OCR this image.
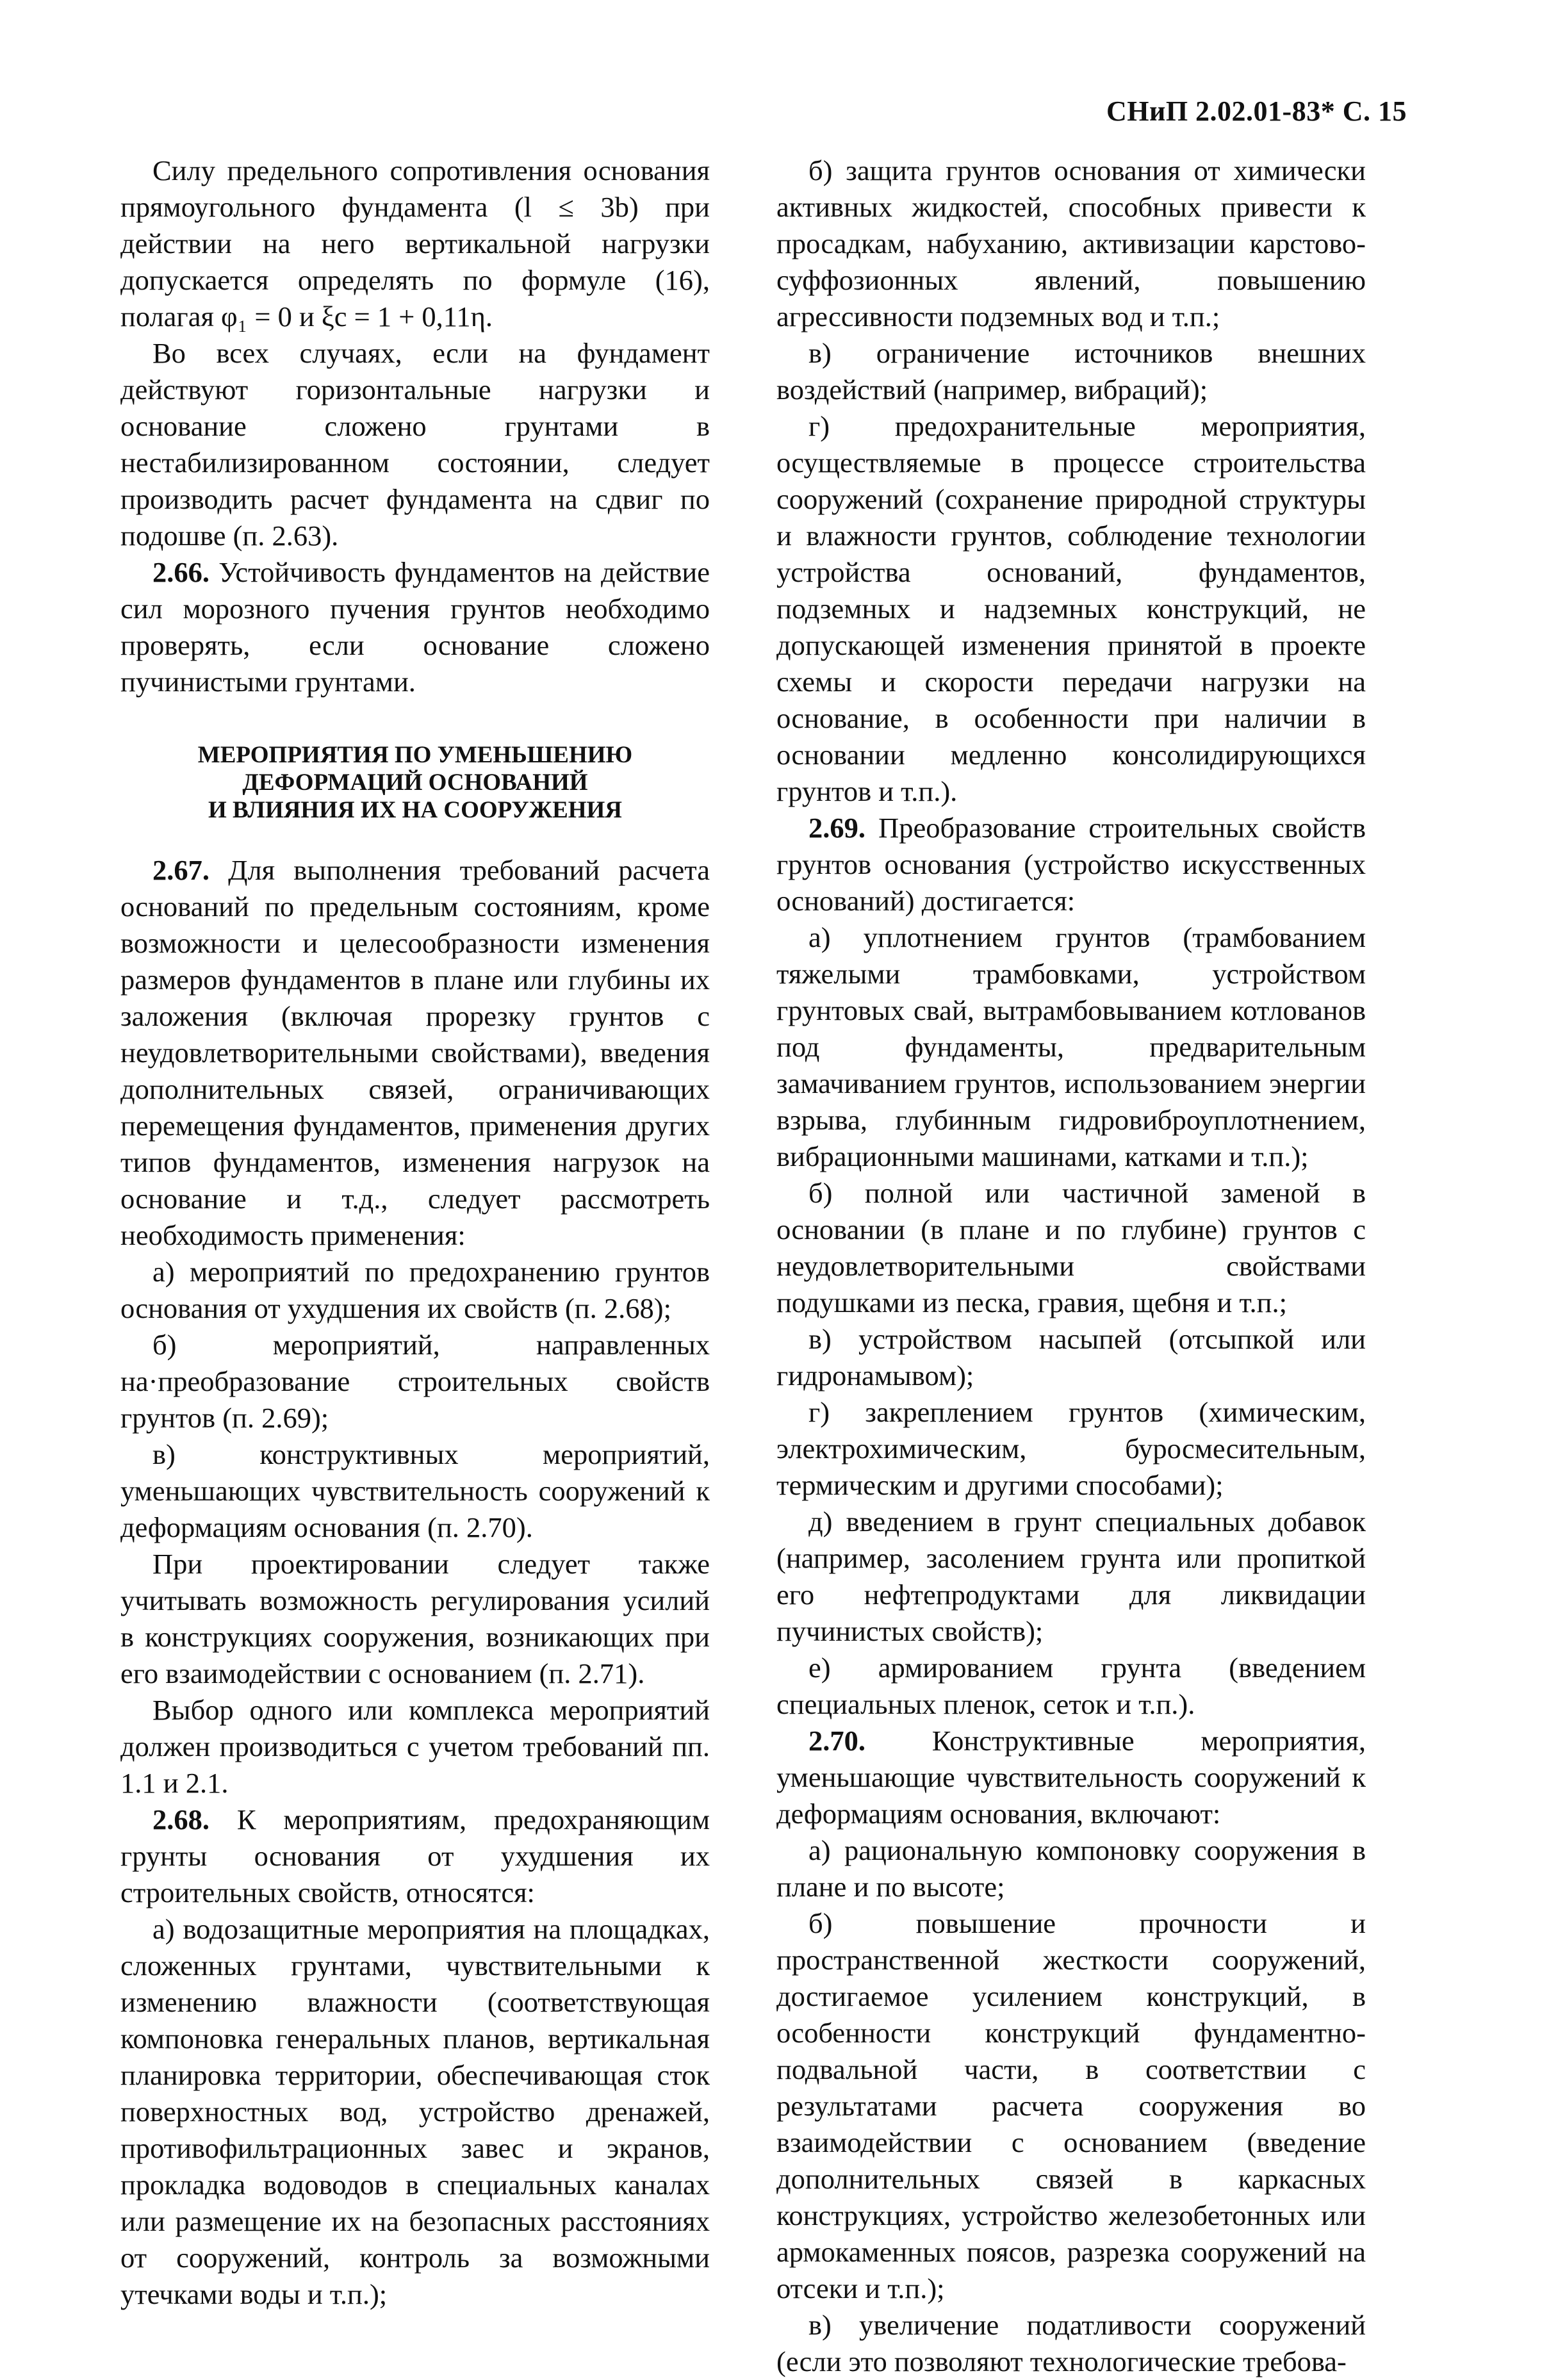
СНиП 2.02.01-83* С. 15

Силу предельного сопротивления основания прямоугольного фундамента (l ≤ 3b) при действии на него вертикальной нагрузки допускается определять по формуле (16), полагая φ₁ = 0 и ξc = 1 + 0,11η.

Во всех случаях, если на фундамент действуют горизонтальные нагрузки и основание сложено грунтами в нестабилизированном состоянии, следует производить расчет фундамента на сдвиг по подошве (п. 2.63).

2.66. Устойчивость фундаментов на действие сил морозного пучения грунтов необходимо проверять, если основание сложено пучинистыми грунтами.

МЕРОПРИЯТИЯ ПО УМЕНЬШЕНИЮ
ДЕФОРМАЦИЙ ОСНОВАНИЙ
И ВЛИЯНИЯ ИХ НА СООРУЖЕНИЯ

2.67. Для выполнения требований расчета оснований по предельным состояниям, кроме возможности и целесообразности изменения размеров фундаментов в плане или глубины их заложения (включая прорезку грунтов с неудовлетворительными свойствами), введения дополнительных связей, ограничивающих перемещения фундаментов, применения других типов фундаментов, изменения нагрузок на основание и т.д., следует рассмотреть необходимость применения:

а) мероприятий по предохранению грунтов основания от ухудшения их свойств (п. 2.68);

б) мероприятий, направленных на·преобразование строительных свойств грунтов (п. 2.69);

в) конструктивных мероприятий, уменьшающих чувствительность сооружений к деформациям основания (п. 2.70).

При проектировании следует также учитывать возможность регулирования усилий в конструкциях сооружения, возникающих при его взаимодействии с основанием (п. 2.71).

Выбор одного или комплекса мероприятий должен производиться с учетом требований пп. 1.1 и 2.1.

2.68. К мероприятиям, предохраняющим грунты основания от ухудшения их строительных свойств, относятся:

а) водозащитные мероприятия на площадках, сложенных грунтами, чувствительными к изменению влажности (соответствующая компоновка генеральных планов, вертикальная планировка территории, обеспечивающая сток поверхностных вод, устройство дренажей, противофильтрационных завес и экранов, прокладка водоводов в специальных каналах или размещение их на безопасных расстояниях от сооружений, контроль за возможными утечками воды и т.п.);

б) защита грунтов основания от химически активных жидкостей, способных привести к просадкам, набуханию, активизации карстово-суффозионных явлений, повышению агрессивности подземных вод и т.п.;

в) ограничение источников внешних воздействий (например, вибраций);

г) предохранительные мероприятия, осуществляемые в процессе строительства сооружений (сохранение природной структуры и влажности грунтов, соблюдение технологии устройства оснований, фундаментов, подземных и надземных конструкций, не допускающей изменения принятой в проекте схемы и скорости передачи нагрузки на основание, в особенности при наличии в основании медленно консолидирующихся грунтов и т.п.).

2.69. Преобразование строительных свойств грунтов основания (устройство искусственных оснований) достигается:

а) уплотнением грунтов (трамбованием тяжелыми трамбовками, устройством грунтовых свай, вытрамбовыванием котлованов под фундаменты, предварительным замачиванием грунтов, использованием энергии взрыва, глубинным гидровиброуплотнением, вибрационными машинами, катками и т.п.);

б) полной или частичной заменой в основании (в плане и по глубине) грунтов с неудовлетворительными свойствами подушками из песка, гравия, щебня и т.п.;

в) устройством насыпей (отсыпкой или гидронамывом);

г) закреплением грунтов (химическим, электрохимическим, буросмесительным, термическим и другими способами);

д) введением в грунт специальных добавок (например, засолением грунта или пропиткой его нефтепродуктами для ликвидации пучинистых свойств);

е) армированием грунта (введением специальных пленок, сеток и т.п.).

2.70. Конструктивные мероприятия, уменьшающие чувствительность сооружений к деформациям основания, включают:

а) рациональную компоновку сооружения в плане и по высоте;

б) повышение прочности и пространственной жесткости сооружений, достигаемое усилением конструкций, в особенности конструкций фундаментно-подвальной части, в соответствии с результатами расчета сооружения во взаимодействии с основанием (введение дополнительных связей в каркасных конструкциях, устройство железобетонных или армокаменных поясов, разрезка сооружений на отсеки и т.п.);

в) увеличение податливости сооружений (если это позволяют технологические требова-
